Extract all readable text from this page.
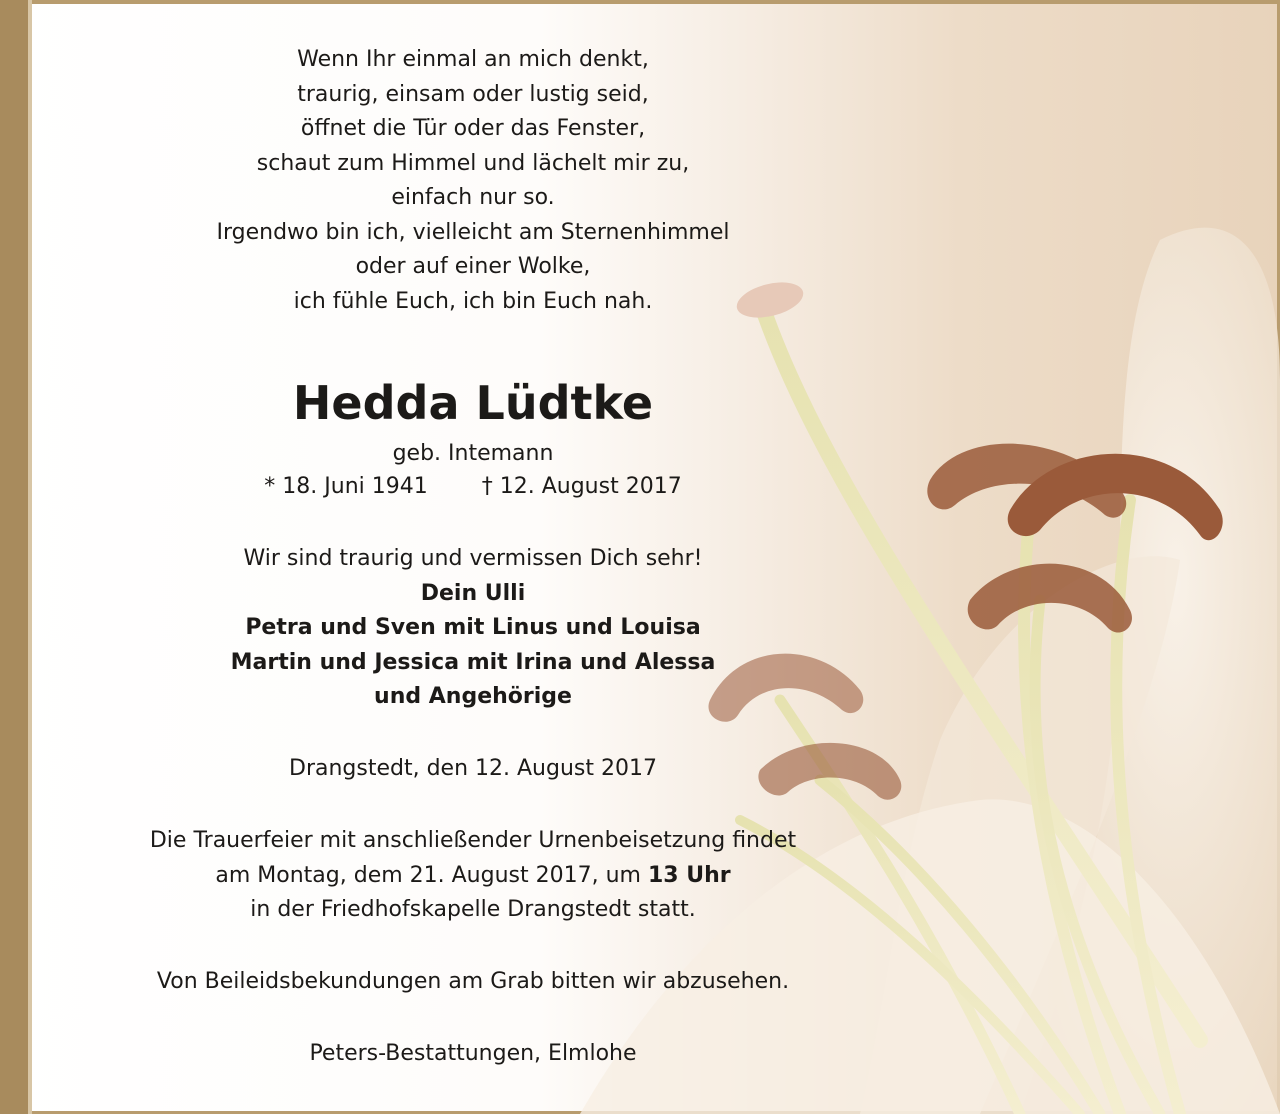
Wenn Ihr einmal an mich denkt,
traurig, einsam oder lustig seid,
öffnet die Tür oder das Fenster,
schaut zum Himmel und lächelt mir zu,
einfach nur so.
Irgendwo bin ich, vielleicht am Sternenhimmel
oder auf einer Wolke,
ich fühle Euch, ich bin Euch nah.
Hedda Lüdtke
geb. Intemann
* 18. Juni 1941 † 12. August 2017
Wir sind traurig und vermissen Dich sehr!
Dein Ulli
Petra und Sven mit Linus und Louisa
Martin und Jessica mit Irina und Alessa
und Angehörige
Drangstedt, den 12. August 2017
Die Trauerfeier mit anschließender Urnenbeisetzung findet
am Montag, dem 21. August 2017, um 13 Uhr
in der Friedhofskapelle Drangstedt statt.
Von Beileidsbekundungen am Grab bitten wir abzusehen.
Peters-Bestattungen, Elmlohe
